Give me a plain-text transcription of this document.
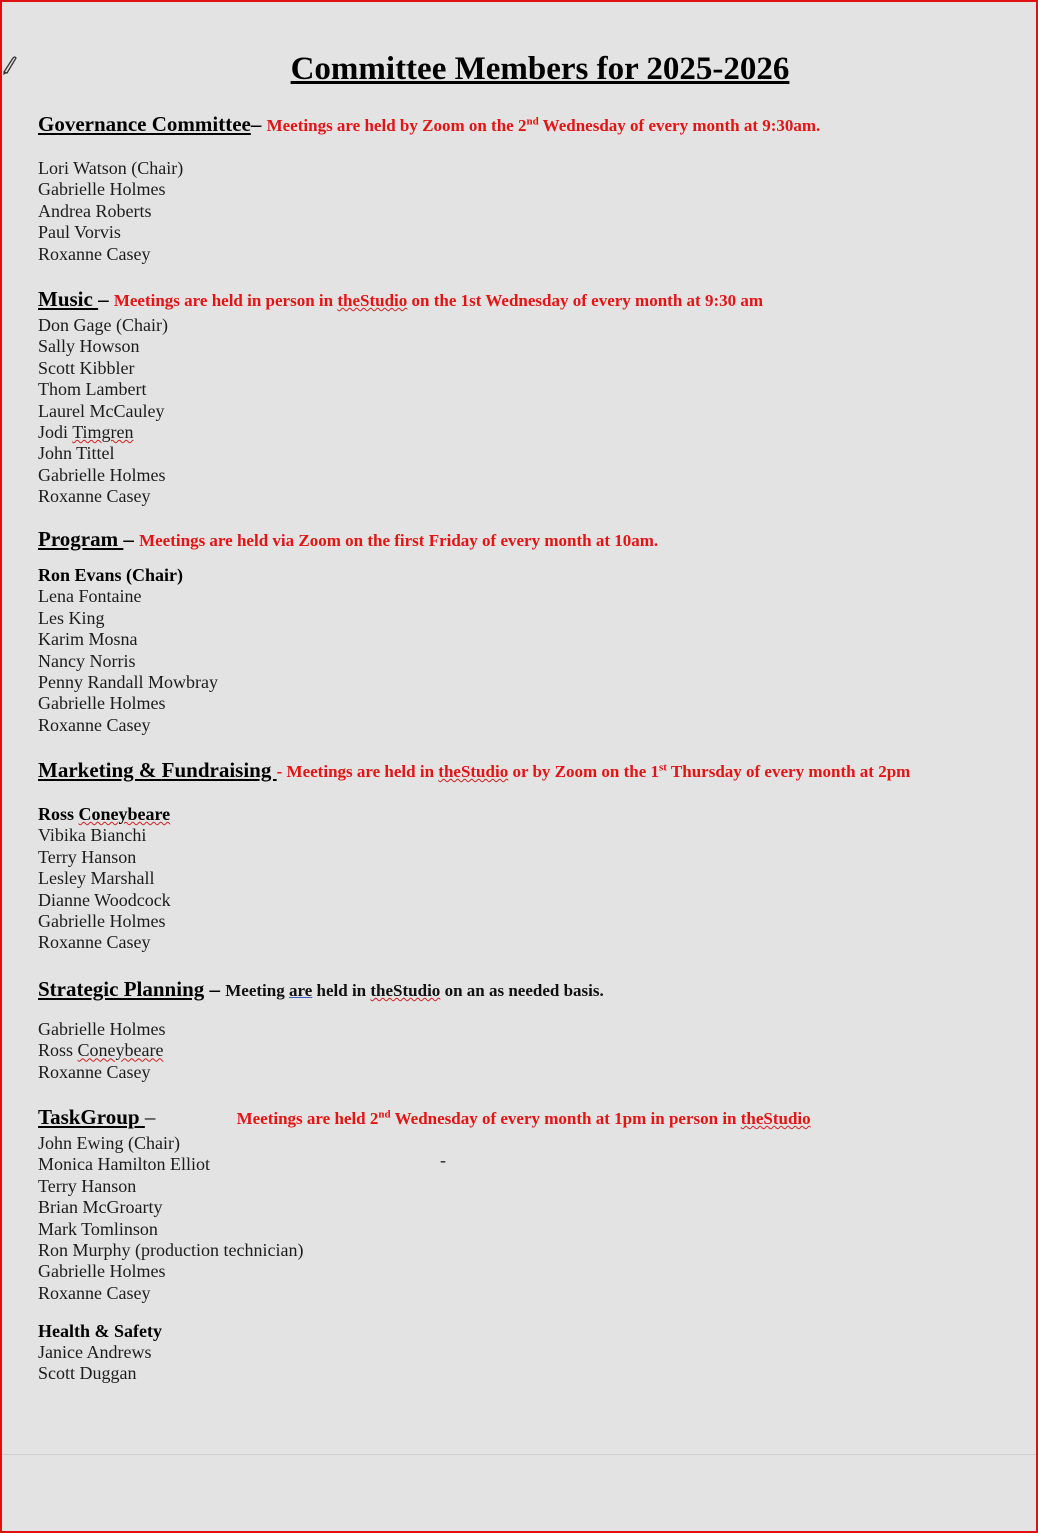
Committee Members for 2025-2026
Governance Committee– Meetings are held by Zoom on the 2nd Wednesday of every month at 9:30am.
Lori Watson (Chair)
Gabrielle Holmes
Andrea Roberts
Paul Vorvis
Roxanne Casey
Music – Meetings are held in person in theStudio on the 1st Wednesday of every month at 9:30 am
Don Gage (Chair)
Sally Howson
Scott Kibbler
Thom Lambert
Laurel McCauley
Jodi Timgren
John Tittel
Gabrielle Holmes
Roxanne Casey
Program – Meetings are held via Zoom on the first Friday of every month at 10am.
Ron Evans (Chair)
Lena Fontaine
Les King
Karim Mosna
Nancy Norris
Penny Randall Mowbray
Gabrielle Holmes
Roxanne Casey
Marketing & Fundraising - Meetings are held in theStudio or by Zoom on the 1st Thursday of every month at 2pm
Ross Coneybeare
Vibika Bianchi
Terry Hanson
Lesley Marshall
Dianne Woodcock
Gabrielle Holmes
Roxanne Casey
Strategic Planning – Meeting are held in theStudio on an as needed basis.
Gabrielle Holmes
Ross Coneybeare
Roxanne Casey
TaskGroup –	Meetings are held 2nd Wednesday of every month at 1pm in person in theStudio
John Ewing (Chair)
Monica Hamilton Elliot
Terry Hanson
Brian McGroarty
Mark Tomlinson
Ron Murphy (production technician)
Gabrielle Holmes
Roxanne Casey
-
Health & Safety
Janice Andrews
Scott Duggan
